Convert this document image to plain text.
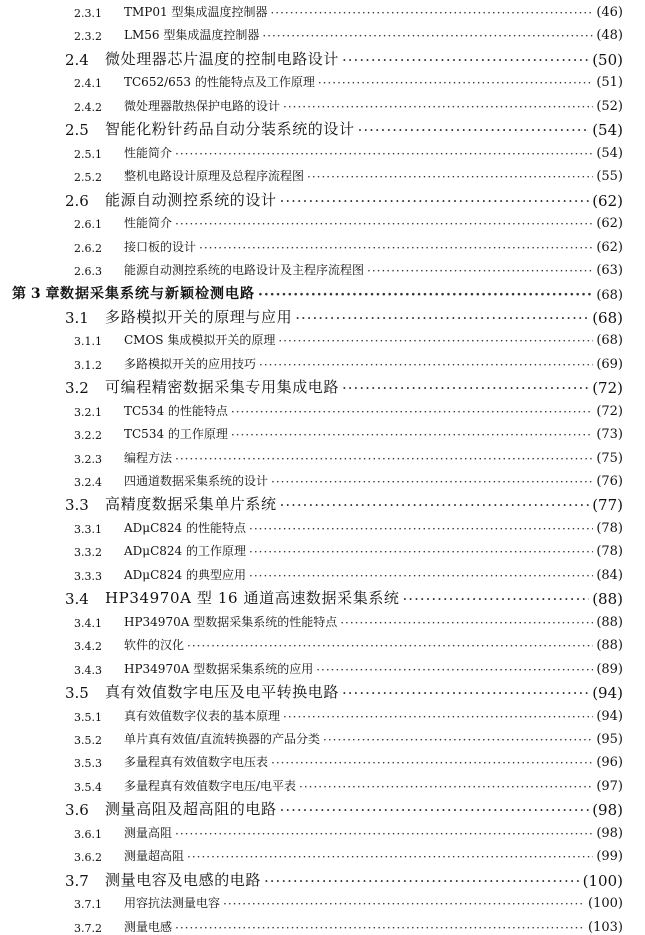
2.3.1	TMP01 型集成温度控制器 ·····	(46)
2.3.2	LM56 型集成温度控制器 ·····	(48)
2.4	微处理器芯片温度的控制电路设计 ·····	(50)
2.4.1	TC652/653 的性能特点及工作原理 ·····	(51)
2.4.2	微处理器散热保护电路的设计 ·····	(52)
2.5	智能化粉针药品自动分装系统的设计 ·····	(54)
2.5.1	性能简介 ·····	(54)
2.5.2	整机电路设计原理及总程序流程图 ·····	(55)
2.6	能源自动测控系统的设计 ·····	(62)
2.6.1	性能简介 ·····	(62)
2.6.2	接口板的设计 ·····	(62)
2.6.3	能源自动测控系统的电路设计及主程序流程图 ·····	(63)
第 3 章 数据采集系统与新颖检测电路 ·····	(68)
3.1	多路模拟开关的原理与应用 ·····	(68)
3.1.1	CMOS 集成模拟开关的原理 ·····	(68)
3.1.2	多路模拟开关的应用技巧 ·····	(69)
3.2	可编程精密数据采集专用集成电路 ·····	(72)
3.2.1	TC534 的性能特点 ·····	(72)
3.2.2	TC534 的工作原理 ·····	(73)
3.2.3	编程方法 ·····	(75)
3.2.4	四通道数据采集系统的设计 ·····	(76)
3.3	高精度数据采集单片系统 ·····	(77)
3.3.1	ADμC824 的性能特点 ·····	(78)
3.3.2	ADμC824 的工作原理 ·····	(78)
3.3.3	ADμC824 的典型应用 ·····	(84)
3.4	HP34970A 型 16 通道高速数据采集系统 ·····	(88)
3.4.1	HP34970A 型数据采集系统的性能特点 ·····	(88)
3.4.2	软件的汉化 ·····	(88)
3.4.3	HP34970A 型数据采集系统的应用 ·····	(89)
3.5	真有效值数字电压及电平转换电路 ·····	(94)
3.5.1	真有效值数字仪表的基本原理 ·····	(94)
3.5.2	单片真有效值/直流转换器的产品分类 ·····	(95)
3.5.3	多量程真有效值数字电压表 ·····	(96)
3.5.4	多量程真有效值数字电压/电平表 ·····	(97)
3.6	测量高阻及超高阻的电路 ·····	(98)
3.6.1	测量高阻 ·····	(98)
3.6.2	测量超高阻 ·····	(99)
3.7	测量电容及电感的电路 ·····	(100)
3.7.1	用容抗法测量电容 ·····	(100)
3.7.2	测量电感 ·····	(103)
